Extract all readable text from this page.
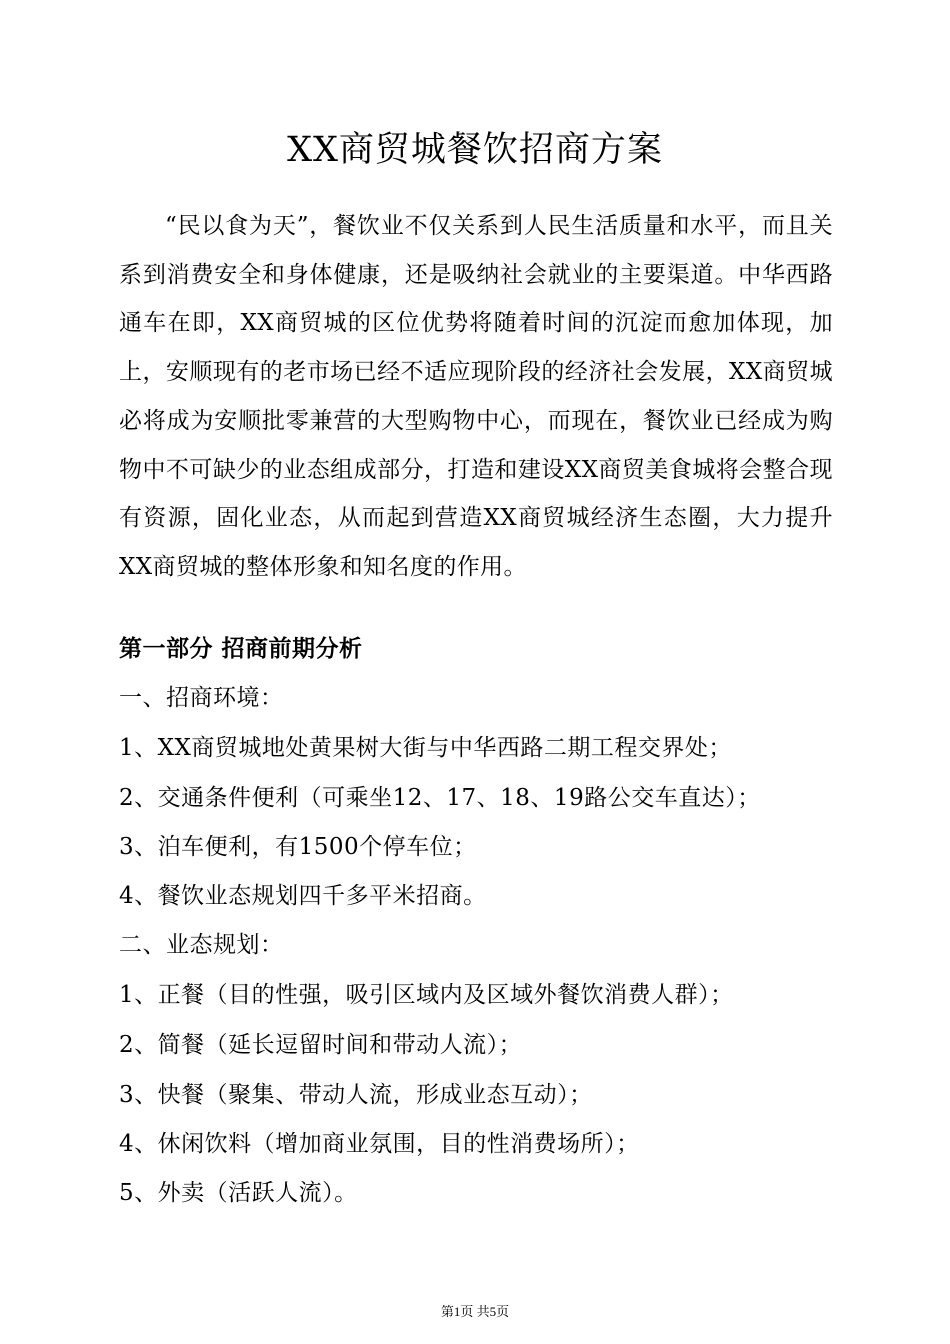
XX商贸城餐饮招商方案

“民以食为天”，餐饮业不仅关系到人民生活质量和水平，而且关系到消费安全和身体健康，还是吸纳社会就业的主要渠道。中华西路通车在即，XX商贸城的区位优势将随着时间的沉淀而愈加体现，加上，安顺现有的老市场已经不适应现阶段的经济社会发展，XX商贸城必将成为安顺批零兼营的大型购物中心，而现在，餐饮业已经成为购物中不可缺少的业态组成部分，打造和建设XX商贸美食城将会整合现有资源，固化业态，从而起到营造XX商贸城经济生态圈，大力提升XX商贸城的整体形象和知名度的作用。

第一部分 招商前期分析
一、招商环境：
1、XX商贸城地处黄果树大街与中华西路二期工程交界处；
2、交通条件便利（可乘坐12、17、18、19路公交车直达）；
3、泊车便利，有1500个停车位；
4、餐饮业态规划四千多平米招商。
二、业态规划：
1、正餐（目的性强，吸引区域内及区域外餐饮消费人群）；
2、简餐（延长逗留时间和带动人流）；
3、快餐（聚集、带动人流，形成业态互动）；
4、休闲饮料（增加商业氛围，目的性消费场所）；
5、外卖（活跃人流）。
第1页 共5页
